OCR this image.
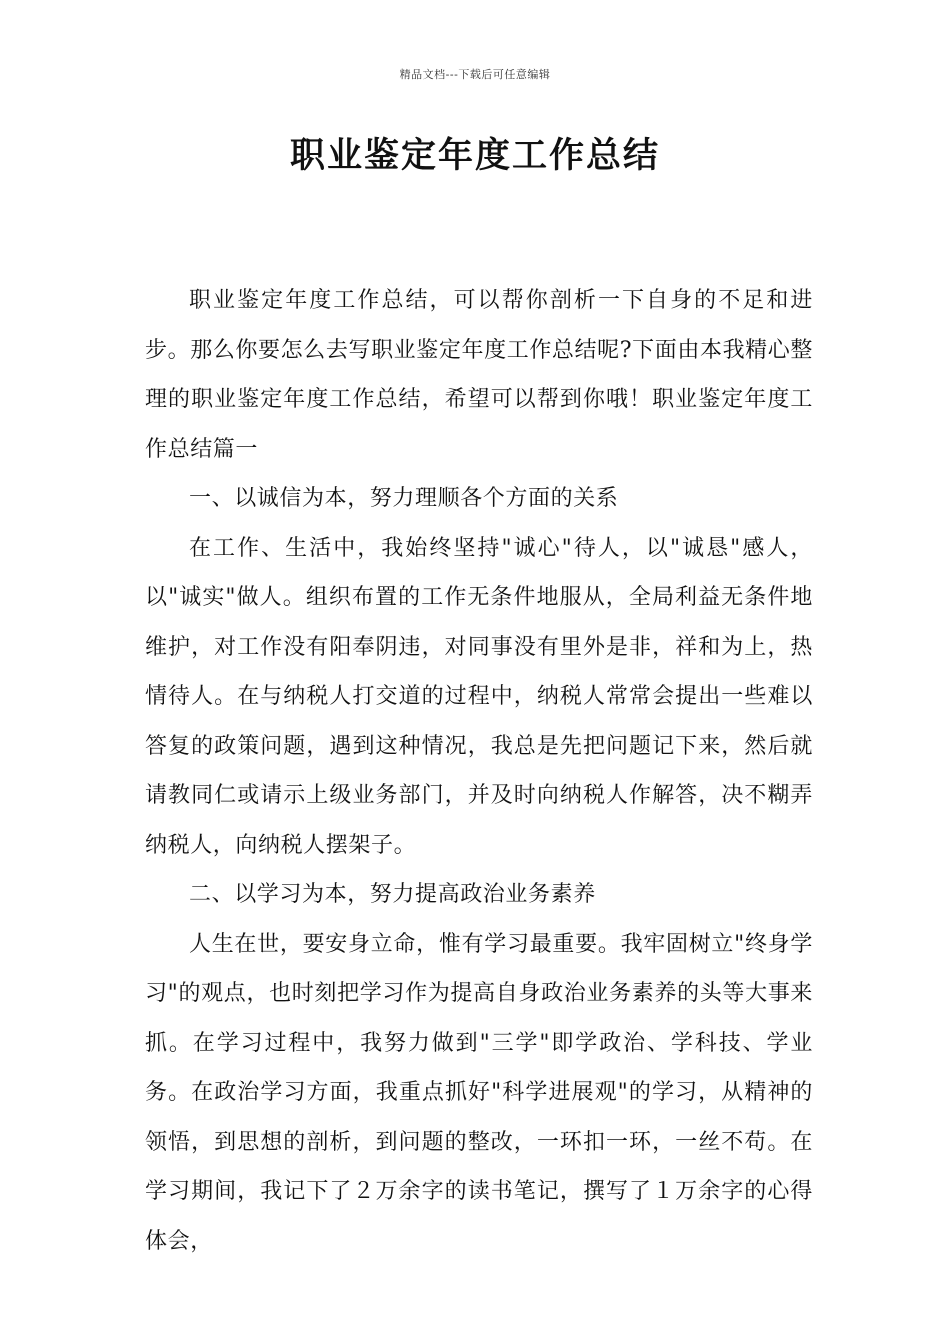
精品文档---下载后可任意编辑
职业鉴定年度工作总结

职业鉴定年度工作总结，可以帮你剖析一下自身的不足和进步。那么你要怎么去写职业鉴定年度工作总结呢?下面由本我精心整理的职业鉴定年度工作总结，希望可以帮到你哦！职业鉴定年度工作总结篇一

一、以诚信为本，努力理顺各个方面的关系

在工作、生活中，我始终坚持"诚心"待人，以"诚恳"感人，以"诚实"做人。组织布置的工作无条件地服从，全局利益无条件地维护，对工作没有阳奉阴违，对同事没有里外是非，祥和为上，热情待人。在与纳税人打交道的过程中，纳税人常常会提出一些难以答复的政策问题，遇到这种情况，我总是先把问题记下来，然后就请教同仁或请示上级业务部门，并及时向纳税人作解答，决不糊弄纳税人，向纳税人摆架子。

二、以学习为本，努力提高政治业务素养

人生在世，要安身立命，惟有学习最重要。我牢固树立"终身学习"的观点，也时刻把学习作为提高自身政治业务素养的头等大事来抓。在学习过程中，我努力做到"三学"即学政治、学科技、学业务。在政治学习方面，我重点抓好"科学进展观"的学习，从精神的领悟，到思想的剖析，到问题的整改，一环扣一环，一丝不苟。在学习期间，我记下了２万余字的读书笔记，撰写了１万余字的心得体会，
